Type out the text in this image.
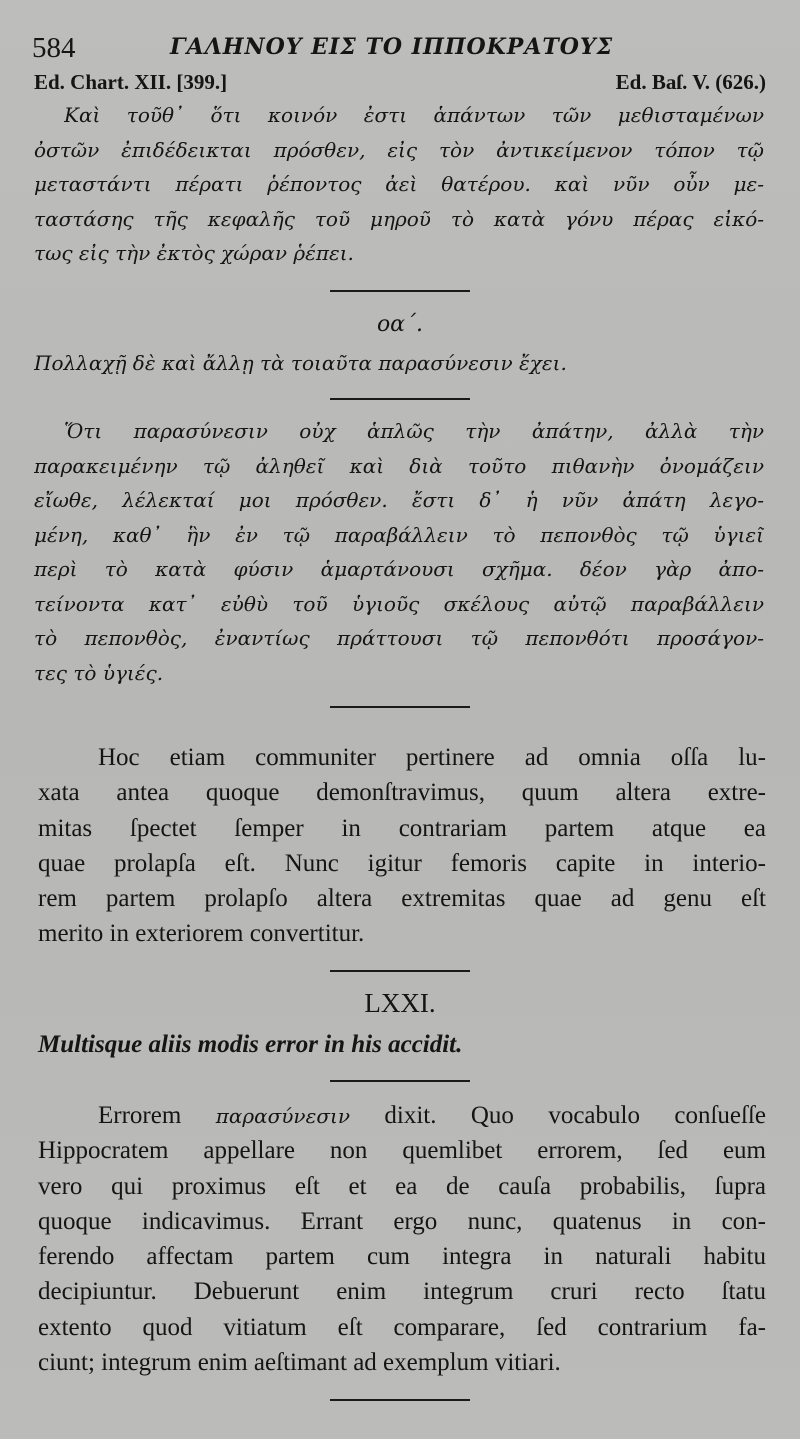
584	ΓΑΛΗΝΟΥ ΕΙΣ ΤΟ ΙΠΠΟΚΡΑΤΟΥΣ
Ed. Chart. XII. [399.]	Ed. Baſ. V. (626.)
Καὶ τοῦθ᾽ ὅτι κοινόν ἐστι ἁπάντων τῶν μεθισταμένων
ὀστῶν ἐπιδέδεικται πρόσθεν, εἰς τὸν ἀντικείμενον τόπον τῷ
μεταστάντι πέρατι ῥέποντος ἀεὶ θατέρου. καὶ νῦν οὖν με-
ταστάσης τῆς κεφαλῆς τοῦ μηροῦ τὸ κατὰ γόνυ πέρας εἰκό-
τως εἰς τὴν ἐκτὸς χώραν ῥέπει.
οα΄.
Πολλαχῇ δὲ καὶ ἄλλῃ τὰ τοιαῦτα παρασύνεσιν ἔχει.
Ὅτι παρασύνεσιν οὐχ ἁπλῶς τὴν ἀπάτην, ἀλλὰ τὴν
παρακειμένην τῷ ἀληθεῖ καὶ διὰ τοῦτο πιθανὴν ὀνομάζειν
εἴωθε, λέλεκταί μοι πρόσθεν. ἔστι δ᾽ ἡ νῦν ἀπάτη λεγο-
μένη, καθ᾽ ἣν ἐν τῷ παραβάλλειν τὸ πεπονθὸς τῷ ὑγιεῖ
περὶ τὸ κατὰ φύσιν ἁμαρτάνουσι σχῆμα. δέον γὰρ ἀπο-
τείνοντα κατ᾽ εὐθὺ τοῦ ὑγιοῦς σκέλους αὐτῷ παραβάλλειν
τὸ πεπονθὸς, ἐναντίως πράττουσι τῷ πεπονθότι προσάγον-
τες τὸ ὑγιές.
Hoc etiam communiter pertinere ad omnia oſſa lu-
xata antea quoque demonſtravimus, quum altera extre-
mitas ſpectet ſemper in contrariam partem atque ea
quae prolapſa eſt. Nunc igitur femoris capite in interio-
rem partem prolapſo altera extremitas quae ad genu eſt
merito in exteriorem convertitur.
LXXI.
Multisque aliis modis error in his accidit.
Errorem παρασύνεσιν dixit. Quo vocabulo conſueſſe
Hippocratem appellare non quemlibet errorem, ſed eum
vero qui proximus eſt et ea de cauſa probabilis, ſupra
quoque indicavimus. Errant ergo nunc, quatenus in con-
ferendo affectam partem cum integra in naturali habitu
decipiuntur. Debuerunt enim integrum cruri recto ſtatu
extento quod vitiatum eſt comparare, ſed contrarium fa-
ciunt; integrum enim aeſtimant ad exemplum vitiari.
